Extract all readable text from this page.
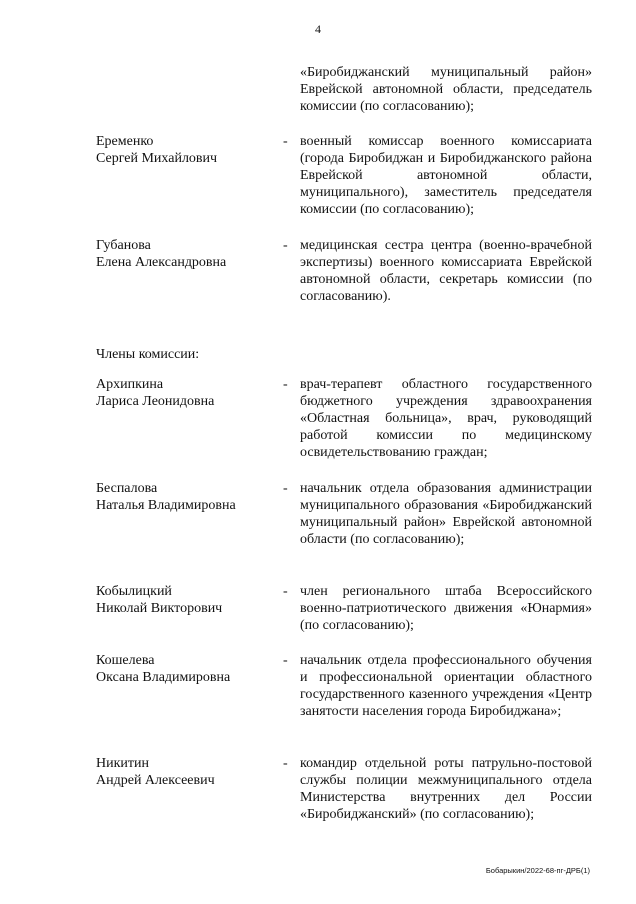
4
«Биробиджанский муниципальный район» Еврейской автономной области, председатель комиссии (по согласованию);
Еременко
Сергей Михайлович
- военный комиссар военного комиссариата (города Биробиджан и Биробиджанского района Еврейской автономной области, муниципального), заместитель председателя комиссии (по согласованию);
Губанова
Елена Александровна
- медицинская сестра центра (военно-врачебной экспертизы) военного комиссариата Еврейской автономной области, секретарь комиссии (по согласованию).
Члены комиссии:
Архипкина
Лариса Леонидовна
- врач-терапевт областного государственного бюджетного учреждения здравоохранения «Областная больница», врач, руководящий работой комиссии по медицинскому освидетельствованию граждан;
Беспалова
Наталья Владимировна
- начальник отдела образования администрации муниципального образования «Биробиджанский муниципальный район» Еврейской автономной области (по согласованию);
Кобылицкий
Николай Викторович
- член регионального штаба Всероссийского военно-патриотического движения «Юнармия» (по согласованию);
Кошелева
Оксана Владимировна
- начальник отдела профессионального обучения и профессиональной ориентации областного государственного казенного учреждения «Центр занятости населения города Биробиджана»;
Никитин
Андрей Алексеевич
- командир отдельной роты патрульно-постовой службы полиции межмуниципального отдела Министерства внутренних дел России «Биробиджанский» (по согласованию);
Бобарыкин/2022-68-пг-ДРБ(1)
